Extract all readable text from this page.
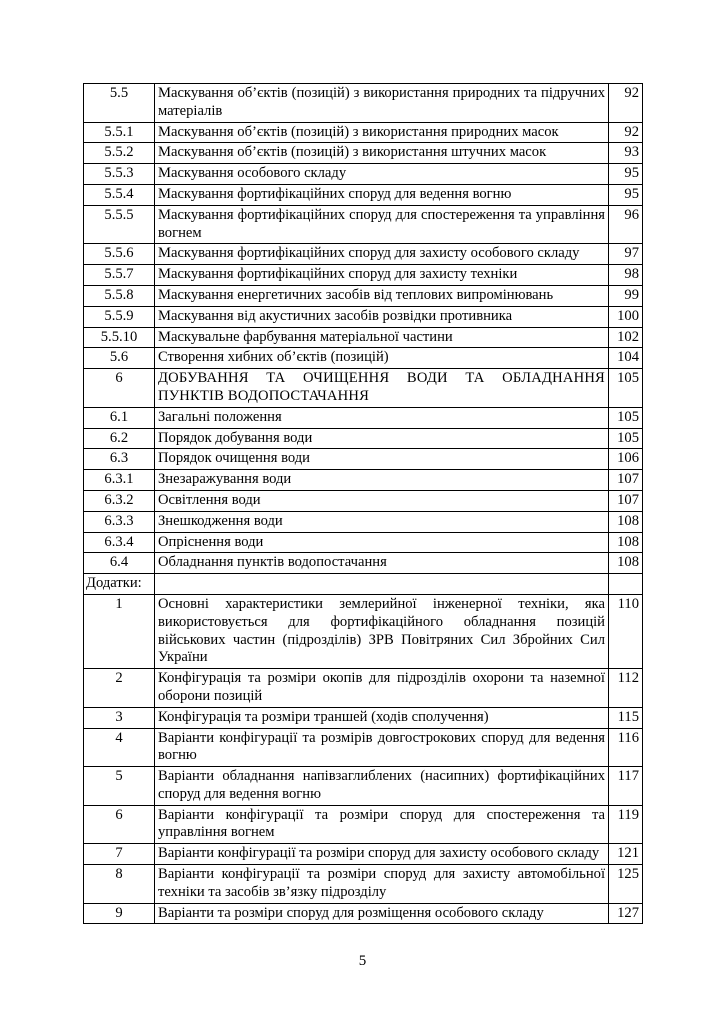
5.5	Маскування об’єктів (позицій) з використання природних та підручних матеріалів	92
5.5.1	Маскування об’єктів (позицій) з використання природних масок	92
5.5.2	Маскування об’єктів (позицій) з використання штучних масок	93
5.5.3	Маскування особового складу	95
5.5.4	Маскування фортифікаційних споруд для ведення вогню	95
5.5.5	Маскування фортифікаційних споруд для спостереження та управління вогнем	96
5.5.6	Маскування фортифікаційних споруд для захисту особового складу	97
5.5.7	Маскування фортифікаційних споруд для захисту техніки	98
5.5.8	Маскування енергетичних засобів від теплових випромінювань	99
5.5.9	Маскування від акустичних засобів розвідки противника	100
5.5.10	Маскувальне фарбування матеріальної частини	102
5.6	Створення хибних об’єктів (позицій)	104
6	ДОБУВАННЯ ТА ОЧИЩЕННЯ ВОДИ ТА ОБЛАДНАННЯ ПУНКТІВ ВОДОПОСТАЧАННЯ	105
6.1	Загальні положення	105
6.2	Порядок добування води	105
6.3	Порядок очищення води	106
6.3.1	Знезаражування води	107
6.3.2	Освітлення води	107
6.3.3	Знешкодження води	108
6.3.4	Опріснення води	108
6.4	Обладнання пунктів водопостачання	108
Додатки:		
1	Основні характеристики землерийної інженерної техніки, яка використовується для фортифікаційного обладнання позицій військових частин (підрозділів) ЗРВ Повітряних Сил Збройних Сил України	110
2	Конфігурація та розміри окопів для підрозділів охорони та наземної оборони позицій	112
3	Конфігурація та розміри траншей (ходів сполучення)	115
4	Варіанти конфігурації та розмірів довгострокових споруд для ведення вогню	116
5	Варіанти обладнання напівзаглиблених (насипних) фортифікаційних споруд для ведення вогню	117
6	Варіанти конфігурації та розміри споруд для спостереження та управління вогнем	119
7	Варіанти конфігурації та розміри споруд для захисту особового складу	121
8	Варіанти конфігурації та розміри споруд для захисту автомобільної техніки та засобів зв’язку підрозділу	125
9	Варіанти та розміри споруд для розміщення особового складу	127
5
